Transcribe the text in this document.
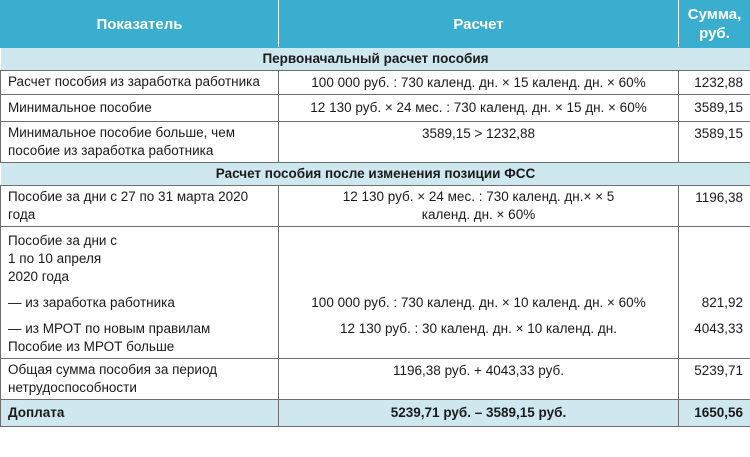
Показатель	Расчет	Сумма,
руб.
Первоначальный расчет пособия		
Расчет пособия из заработка работника	100 000 руб. : 730 календ. дн. × 15 календ. дн. × 60%	1232,88
Минимальное пособие	12 130 руб. × 24 мес. : 730 календ. дн. × 15 дн. × 60%	3589,15
Минимальное пособие больше, чем пособие из заработка работника	3589,15 > 1232,88	3589,15
Расчет пособия после изменения позиции ФСС		
Пособие за дни с 27 по 31 марта 2020 года	12 130 руб. × 24 мес. : 730 календ. дн.× × 5 календ. дн. × 60%	1196,38
Пособие за дни с 1 по 10 апреля 2020 года		
— из заработка работника	100 000 руб. : 730 календ. дн. × 10 календ. дн. × 60%	821,92
— из МРОТ по новым правилам	12 130 руб. : 30 календ. дн. × 10 календ. дн.	4043,33
Пособие из МРОТ больше		
Общая сумма пособия за период нетрудоспособности	1196,38 руб. + 4043,33 руб.	5239,71
Доплата	5239,71 руб. – 3589,15 руб.	1650,56
